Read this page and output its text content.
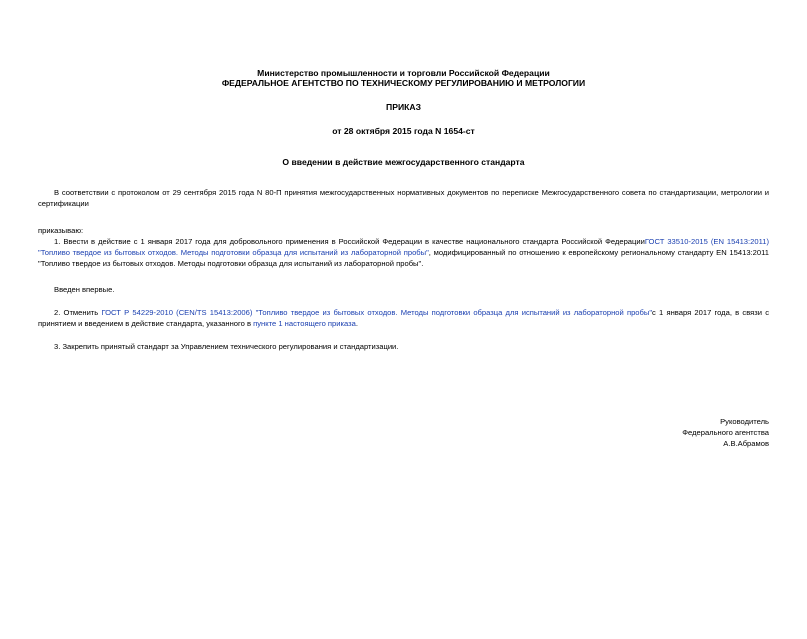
Министерство промышленности и торговли Российской Федерации
ФЕДЕРАЛЬНОЕ АГЕНТСТВО ПО ТЕХНИЧЕСКОМУ РЕГУЛИРОВАНИЮ И МЕТРОЛОГИИ
ПРИКАЗ
от 28 октября 2015 года N 1654-ст
О введении в действие межгосударственного стандарта

В соответствии с протоколом от 29 сентября 2015 года N 80-П принятия межгосударственных нормативных документов по переписке Межгосударственного совета по стандартизации, метрологии и сертификации

приказываю:

1. Ввести в действие с 1 января 2017 года для добровольного применения в Российской Федерации в качестве национального стандарта Российской ФедерацииГОСТ 33510-2015 (EN 15413:2011) "Топливо твердое из бытовых отходов. Методы подготовки образца для испытаний из лабораторной пробы", модифицированный по отношению к европейскому региональному стандарту EN 15413:2011 "Топливо твердое из бытовых отходов. Методы подготовки образца для испытаний из лабораторной пробы".

Введен впервые.

2. Отменить ГОСТ Р 54229-2010 (CEN/TS 15413:2006) "Топливо твердое из бытовых отходов. Методы подготовки образца для испытаний из лабораторной пробы"с 1 января 2017 года, в связи с принятием и введением в действие стандарта, указанного в пункте 1 настоящего приказа.

3. Закрепить принятый стандарт за Управлением технического регулирования и стандартизации.

Руководитель
Федерального агентства
А.В.Абрамов
